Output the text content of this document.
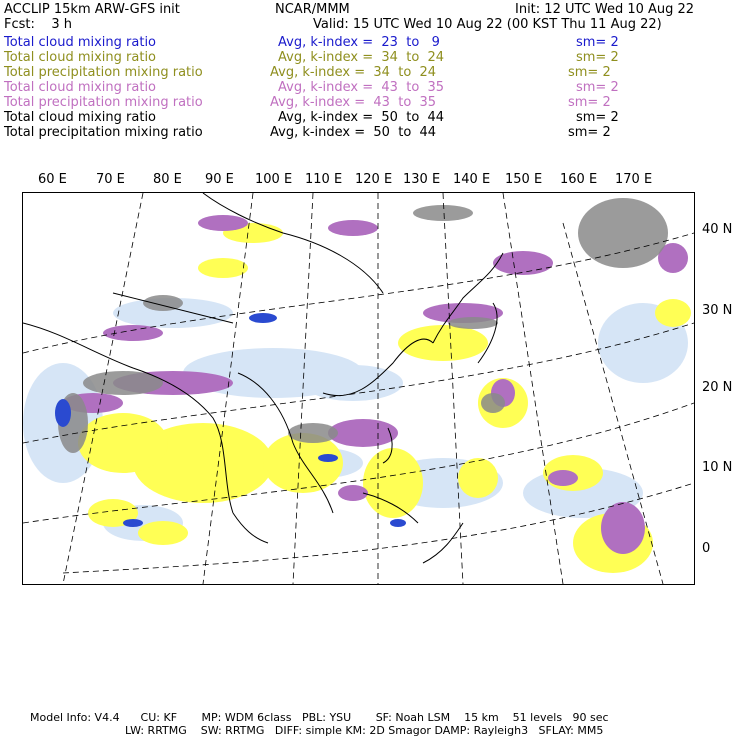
ACCLIP 15km ARW-GFS init	NCAR/MMM	Init: 12 UTC Wed 10 Aug 22
Fcst:    3 h	Valid: 15 UTC Wed 10 Aug 22 (00 KST Thu 11 Aug 22)
Total cloud mixing ratio	Avg, k-index =  23  to   9	sm= 2
Total cloud mixing ratio	Avg, k-index =  34  to  24	sm= 2
Total precipitation mixing ratio	Avg, k-index =  34  to  24	sm= 2
Total cloud mixing ratio	Avg, k-index =  43  to  35	sm= 2
Total precipitation mixing ratio	Avg, k-index =  43  to  35	sm= 2
Total cloud mixing ratio	Avg, k-index =  50  to  44	sm= 2
Total precipitation mixing ratio	Avg, k-index =  50  to  44	sm= 2
60 E 70 E 80 E 90 E 100 E 110 E 120 E 130 E 140 E 150 E 160 E 170 E
40 N
30 N
20 N
10 N
0
Model Info: V4.4      CU: KF       MP: WDM 6class   PBL: YSU       SF: Noah LSM    15 km    51 levels   90 sec
LW: RRTMG    SW: RRTMG   DIFF: simple KM: 2D Smagor DAMP: Rayleigh3   SFLAY: MM5
